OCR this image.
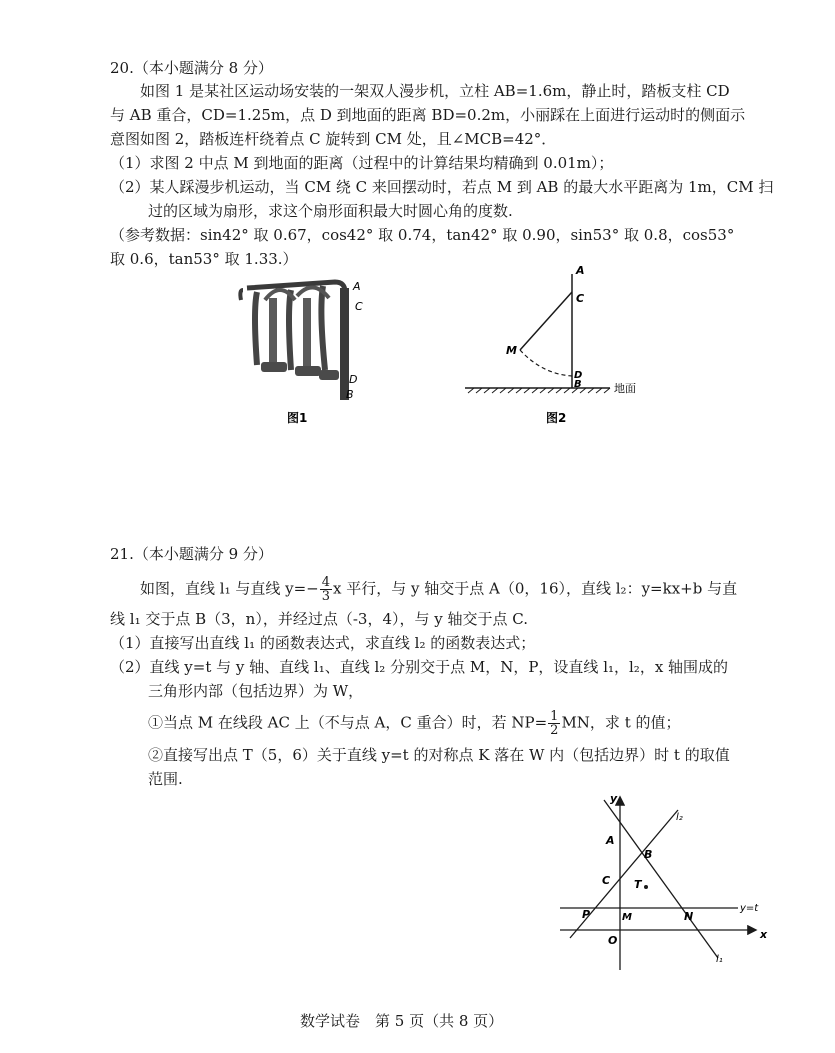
20.（本小题满分 8 分）
如图 1 是某社区运动场安装的一架双人漫步机，立柱 AB=1.6m，静止时，踏板支柱 CD
与 AB 重合，CD=1.25m，点 D 到地面的距离 BD=0.2m，小丽踩在上面进行运动时的侧面示
意图如图 2，踏板连杆绕着点 C 旋转到 CM 处，且∠MCB=42°．
（1）求图 2 中点 M 到地面的距离（过程中的计算结果均精确到 0.01m）；
（2）某人踩漫步机运动，当 CM 绕 C 来回摆动时，若点 M 到 AB 的最大水平距离为 1m，CM 扫
过的区域为扇形，求这个扇形面积最大时圆心角的度数.
（参考数据：sin42° 取 0.67，cos42° 取 0.74，tan42° 取 0.90，sin53° 取 0.8，cos53°
取 0.6，tan53° 取 1.33.）
A
C
D
B
图1
A
C
M
D
B	地面
图2
21.（本小题满分 9 分）
如图，直线 l₁ 与直线 $y=- \frac{4}{3}$ x 平行，与 y 轴交于点 A（0，16），直线 l₂：y=kx+b 与直
线 l₁ 交于点 B（3，n），并经过点（-3，4），与 y 轴交于点 C.
（1）直接写出直线 l₁ 的函数表达式，求直线 l₂ 的函数表达式；
（2）直线 y=t 与 y 轴、直线 l₁、直线 l₂ 分别交于点 M，N，P，设直线 l₁，l₂，x 轴围成的
三角形内部（包括边界）为 W，
①当点 M 在线段 AC 上（不与点 A，C 重合）时，若 $NP= \frac{1}{2}$ MN，求 t 的值；
②直接写出点 T（5，6）关于直线 y=t 的对称点 K 落在 W 内（包括边界）时 t 的取值
范围.
y
x
l₂
l₁
A
B
C T
P	M	N
O
y=t
数学试卷　第 5 页（共 8 页）
